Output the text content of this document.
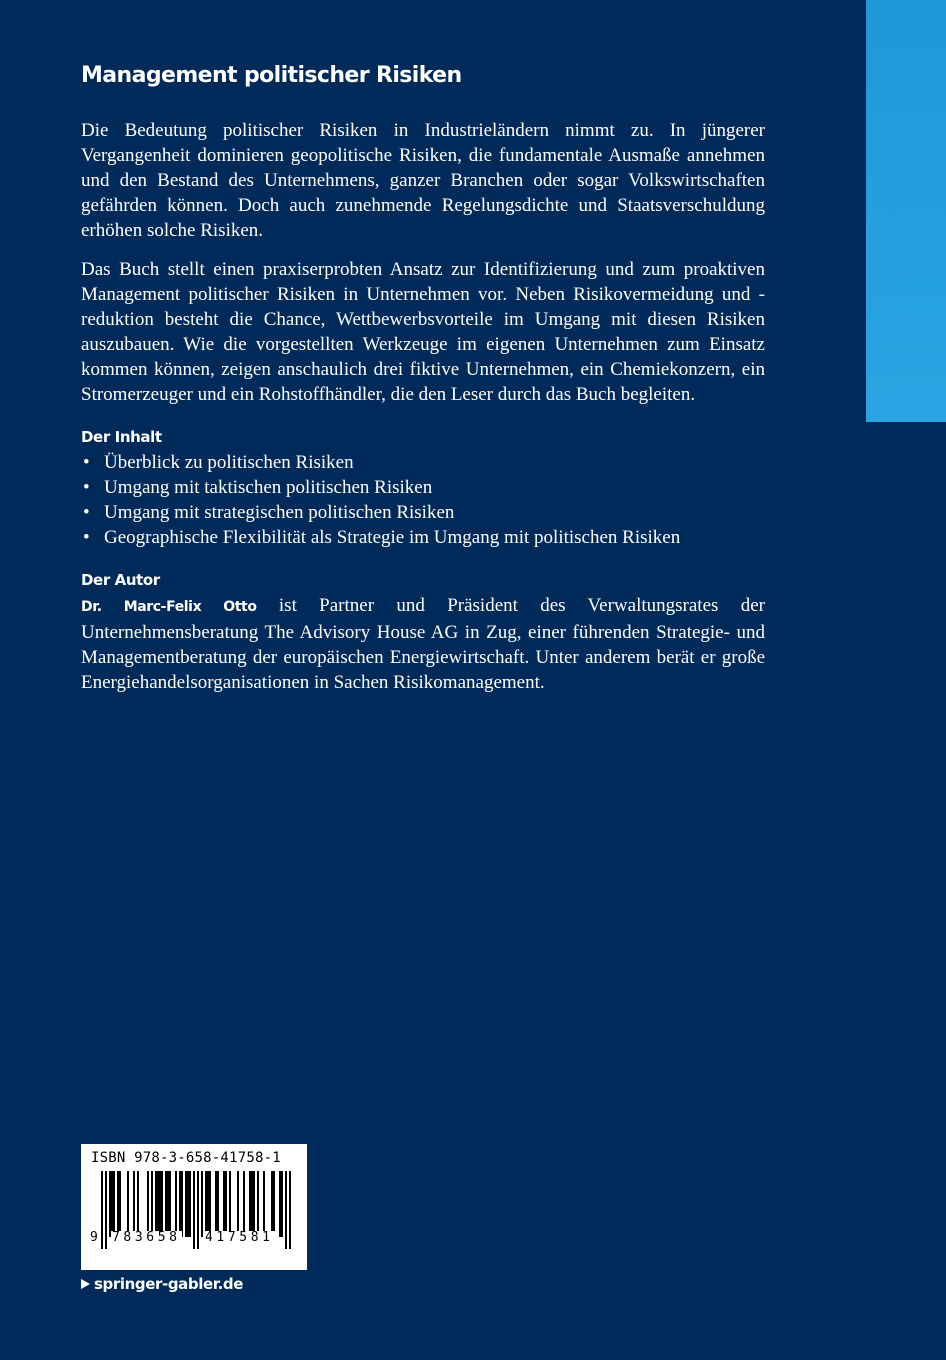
Management politischer Risiken

Die Bedeutung politischer Risiken in Industrieländern nimmt zu. In jüngerer Vergangenheit dominieren geopolitische Risiken, die fundamentale Ausmaße annehmen und den Bestand des Unternehmens, ganzer Branchen oder sogar Volkswirtschaften gefährden können. Doch auch zunehmende Regelungsdichte und Staatsverschuldung erhöhen solche Risiken.

Das Buch stellt einen praxiserprobten Ansatz zur Identifizierung und zum proaktiven Management politischer Risiken in Unternehmen vor. Neben Risikovermeidung und -reduktion besteht die Chance, Wettbewerbsvorteile im Umgang mit diesen Risiken auszubauen. Wie die vorgestellten Werkzeuge im eigenen Unternehmen zum Einsatz kommen können, zeigen anschaulich drei fiktive Unternehmen, ein Chemiekonzern, ein Stromerzeuger und ein Rohstoffhändler, die den Leser durch das Buch begleiten.

Der Inhalt
• Überblick zu politischen Risiken
• Umgang mit taktischen politischen Risiken
• Umgang mit strategischen politischen Risiken
• Geographische Flexibilität als Strategie im Umgang mit politischen Risiken
Der Autor

Dr. Marc-Felix Otto ist Partner und Präsident des Verwaltungsrates der Unternehmensberatung The Advisory House AG in Zug, einer führenden Strategie- und Managementberatung der europäischen Energiewirtschaft. Unter anderem berät er große Energiehandelsorganisationen in Sachen Risikomanagement.

ISBN 978-3-658-41758-1
9 783658 417581
springer-gabler.de
